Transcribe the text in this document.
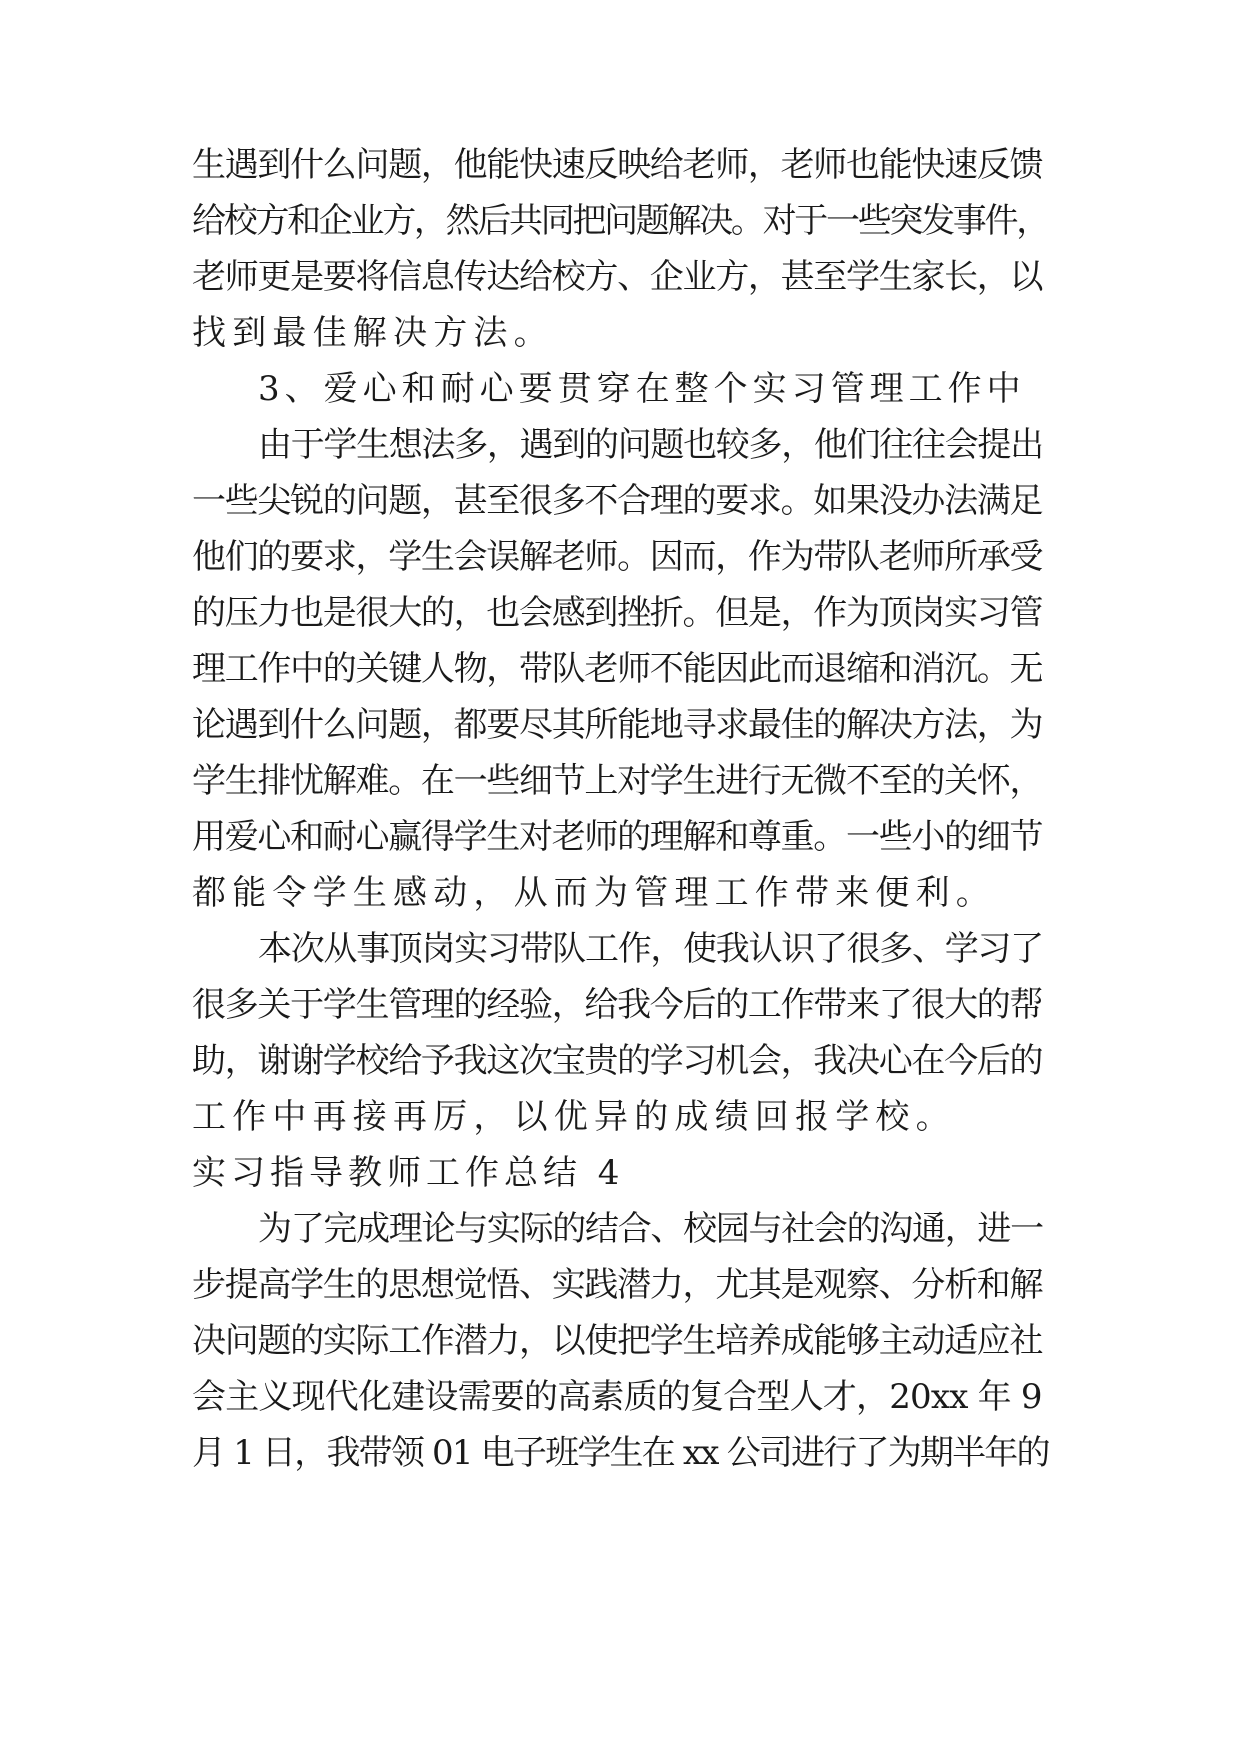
生遇到什么问题，他能快速反映给老师，老师也能快速反馈
给校方和企业方，然后共同把问题解决。对于一些突发事件，
老师更是要将信息传达给校方、企业方，甚至学生家长，以
找到最佳解决方法。
3、爱心和耐心要贯穿在整个实习管理工作中
由于学生想法多，遇到的问题也较多，他们往往会提出
一些尖锐的问题，甚至很多不合理的要求。如果没办法满足
他们的要求，学生会误解老师。因而，作为带队老师所承受
的压力也是很大的，也会感到挫折。但是，作为顶岗实习管
理工作中的关键人物，带队老师不能因此而退缩和消沉。无
论遇到什么问题，都要尽其所能地寻求最佳的解决方法，为
学生排忧解难。在一些细节上对学生进行无微不至的关怀，
用爱心和耐心赢得学生对老师的理解和尊重。一些小的细节
都能令学生感动，从而为管理工作带来便利。
本次从事顶岗实习带队工作，使我认识了很多、学习了
很多关于学生管理的经验，给我今后的工作带来了很大的帮
助，谢谢学校给予我这次宝贵的学习机会，我决心在今后的
工作中再接再厉，以优异的成绩回报学校。
实习指导教师工作总结 4
为了完成理论与实际的结合、校园与社会的沟通，进一
步提高学生的思想觉悟、实践潜力，尤其是观察、分析和解
决问题的实际工作潜力，以使把学生培养成能够主动适应社
会主义现代化建设需要的高素质的复合型人才，20xx 年 9
月 1 日，我带领 01 电子班学生在 xx 公司进行了为期半年的
